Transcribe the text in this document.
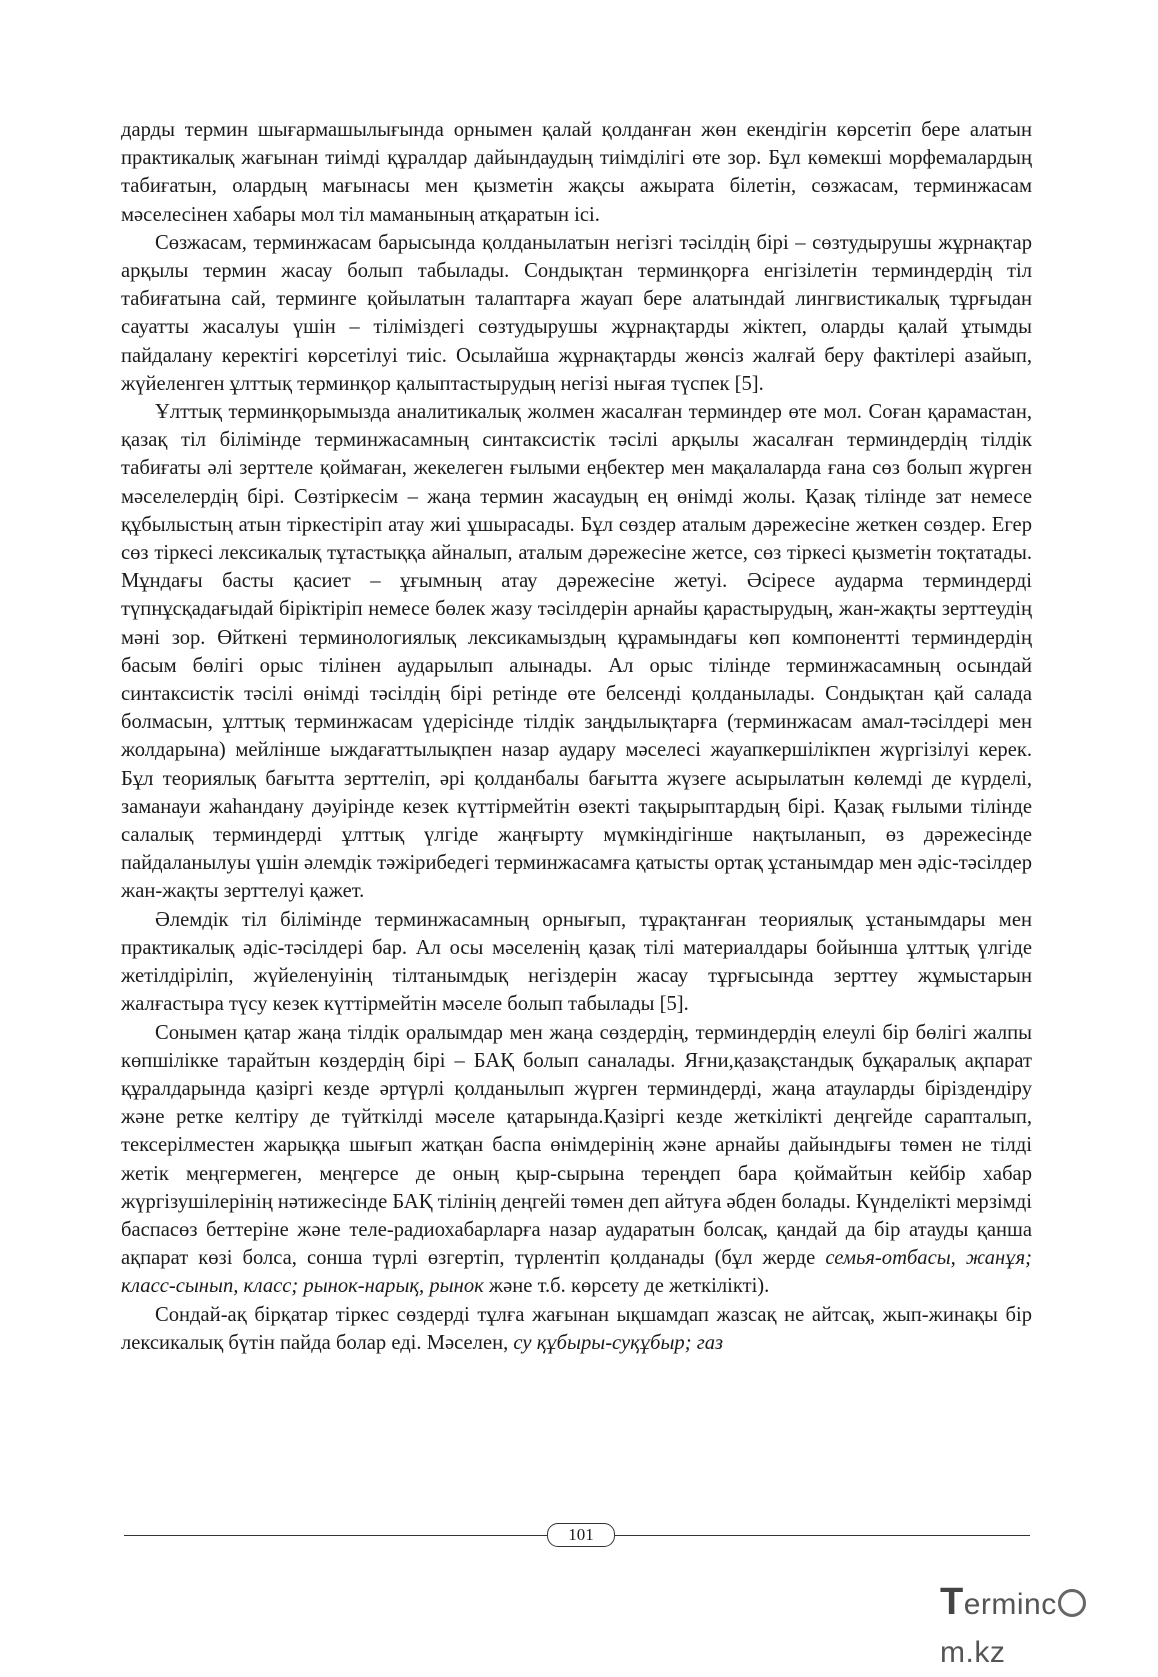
дарды термин шығармашылығында орнымен қалай қолданған жөн екендігін көрсетіп бере алатын практикалық жағынан тиімді құралдар дайындаудың тиімділігі өте зор. Бұл көмекші морфемалардың табиғатын, олардың мағынасы мен қызметін жақсы ажырата білетін, сөзжасам, терминжасам мәселесінен хабары мол тіл маманының атқаратын ісі.

Сөзжасам, терминжасам барысында қолданылатын негізгі тәсілдің бірі – сөзтудырушы жұрнақтар арқылы термин жасау болып табылады. Сондықтан терминқорға енгізілетін терминдердің тіл табиғатына сай, терминге қойылатын талаптарға жауап бере алатындай лингвистикалық тұрғыдан сауатты жасалуы үшін – тіліміздегі сөзтудырушы жұрнақтарды жіктеп, оларды қалай ұтымды пайдалану керектігі көрсетілуі тиіс. Осылайша жұрнақтарды жөнсіз жалғай беру фактілері азайып, жүйеленген ұлттық терминқор қалыптастырудың негізі нығая түспек [5].

Ұлттық терминқорымызда аналитикалық жолмен жасалған терминдер өте мол. Соған қарамастан, қазақ тіл білімінде терминжасамның синтаксистік тәсілі арқылы жасалған терминдердің тілдік табиғаты әлі зерттеле қоймаған, жекелеген ғылыми еңбектер мен мақалаларда ғана сөз болып жүрген мәселелердің бірі. Сөзтіркесім – жаңа термин жасаудың ең өнімді жолы. Қазақ тілінде зат немесе құбылыстың атын тіркестіріп атау жиі ұшырасады. Бұл сөздер аталым дәрежесіне жеткен сөздер. Егер сөз тіркесі лексикалық тұтастыққа айналып, аталым дәрежесіне жетсе, сөз тіркесі қызметін тоқтатады. Мұндағы басты қасиет – ұғымның атау дәрежесіне жетуі. Әсіресе аударма терминдерді түпнұсқадағыдай біріктіріп немесе бөлек жазу тәсілдерін арнайы қарастырудың, жан-жақты зерттеудің мәні зор. Өйткені терминологиялық лексикамыздың құрамындағы көп компонентті терминдердің басым бөлігі орыс тілінен аударылып алынады. Ал орыс тілінде терминжасамның осындай синтаксистік тәсілі өнімді тәсілдің бірі ретінде өте белсенді қолданылады. Сондықтан қай салада болмасын, ұлттық терминжасам үдерісінде тілдік заңдылықтарға (терминжасам амал-тәсілдері мен жолдарына) мейлінше ыждағаттылықпен назар аудару мәселесі жауапкершілікпен жүргізілуі керек. Бұл теориялық бағытта зерттеліп, әрі қолданбалы бағытта жүзеге асырылатын көлемді де күрделі, заманауи жаһандану дәуірінде кезек күттірмейтін өзекті тақырыптардың бірі. Қазақ ғылыми тілінде салалық терминдерді ұлттық үлгіде жаңғырту мүмкіндігінше нақтыланып, өз дәрежесінде пайдаланылуы үшін әлемдік тәжірибедегі терминжасамға қатысты ортақ ұстанымдар мен әдіс-тәсілдер жан-жақты зерттелуі қажет.

Әлемдік тіл білімінде терминжасамның орнығып, тұрақтанған теориялық ұстанымдары мен практикалық әдіс-тәсілдері бар. Ал осы мәселенің қазақ тілі материалдары бойынша ұлттық үлгіде жетілдіріліп, жүйеленуінің тілтанымдық негіздерін жасау тұрғысында зерттеу жұмыстарын жалғастыра түсу кезек күттірмейтін мәселе болып табылады [5].

Сонымен қатар жаңа тілдік оралымдар мен жаңа сөздердің, терминдердің елеулі бір бөлігі жалпы көпшілікке тарайтын көздердің бірі – БАҚ болып саналады. Яғни,қазақстандық бұқаралық ақпарат құралдарында қазіргі кезде әртүрлі қолданылып жүрген терминдерді, жаңа атауларды біріздендіру және ретке келтіру де түйткілді мәселе қатарында.Қазіргі кезде жеткілікті деңгейде сарапталып, тексерілместен жарыққа шығып жатқан баспа өнімдерінің және арнайы дайындығы төмен не тілді жетік меңгермеген, меңгерсе де оның қыр-сырына тереңдеп бара қоймайтын кейбір хабар жүргізушілерінің нәтижесінде БАҚ тілінің деңгейі төмен деп айтуға әбден болады. Күнделікті мерзімді баспасөз беттеріне және теле-радиохабарларға назар аударатын болсақ, қандай да бір атауды қанша ақпарат көзі болса, сонша түрлі өзгертіп, түрлентіп қолданады (бұл жерде семья-отбасы, жанұя; класс-сынып, класс; рынок-нарық, рынок және т.б. көрсету де жеткілікті).

Сондай-ақ бірқатар тіркес сөздерді тұлға жағынан ықшамдап жазсақ не айтсақ, жып-жинақы бір лексикалық бүтін пайда болар еді. Мәселен, су құбыры-суқұбыр; газ

101
Termincm.kz
